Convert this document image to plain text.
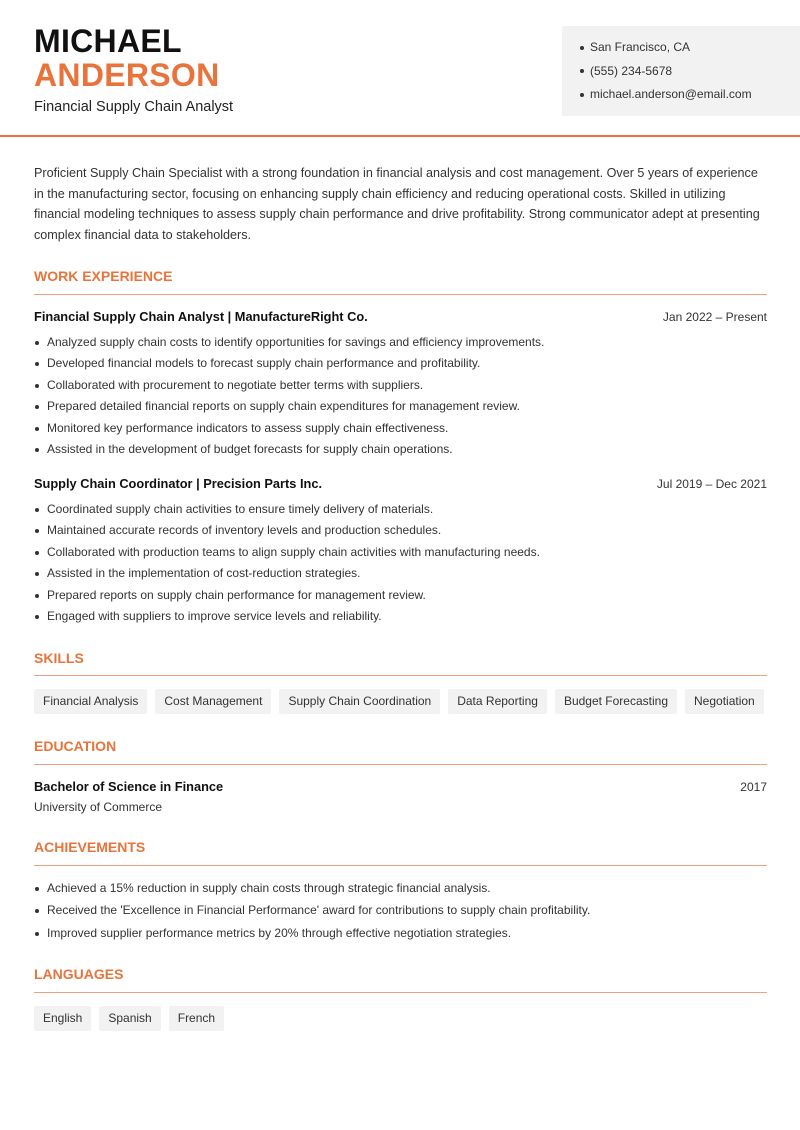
MICHAEL
ANDERSON
Financial Supply Chain Analyst
San Francisco, CA
(555) 234-5678
michael.anderson@email.com
Proficient Supply Chain Specialist with a strong foundation in financial analysis and cost management. Over 5 years of experience in the manufacturing sector, focusing on enhancing supply chain efficiency and reducing operational costs. Skilled in utilizing financial modeling techniques to assess supply chain performance and drive profitability. Strong communicator adept at presenting complex financial data to stakeholders.
WORK EXPERIENCE
Financial Supply Chain Analyst | ManufactureRight Co.	Jan 2022 – Present
Analyzed supply chain costs to identify opportunities for savings and efficiency improvements.
Developed financial models to forecast supply chain performance and profitability.
Collaborated with procurement to negotiate better terms with suppliers.
Prepared detailed financial reports on supply chain expenditures for management review.
Monitored key performance indicators to assess supply chain effectiveness.
Assisted in the development of budget forecasts for supply chain operations.
Supply Chain Coordinator | Precision Parts Inc.	Jul 2019 – Dec 2021
Coordinated supply chain activities to ensure timely delivery of materials.
Maintained accurate records of inventory levels and production schedules.
Collaborated with production teams to align supply chain activities with manufacturing needs.
Assisted in the implementation of cost-reduction strategies.
Prepared reports on supply chain performance for management review.
Engaged with suppliers to improve service levels and reliability.
SKILLS
Financial Analysis	Cost Management	Supply Chain Coordination	Data Reporting	Budget Forecasting	Negotiation
EDUCATION
Bachelor of Science in Finance	2017
University of Commerce
ACHIEVEMENTS
Achieved a 15% reduction in supply chain costs through strategic financial analysis.
Received the 'Excellence in Financial Performance' award for contributions to supply chain profitability.
Improved supplier performance metrics by 20% through effective negotiation strategies.
LANGUAGES
English	Spanish	French
